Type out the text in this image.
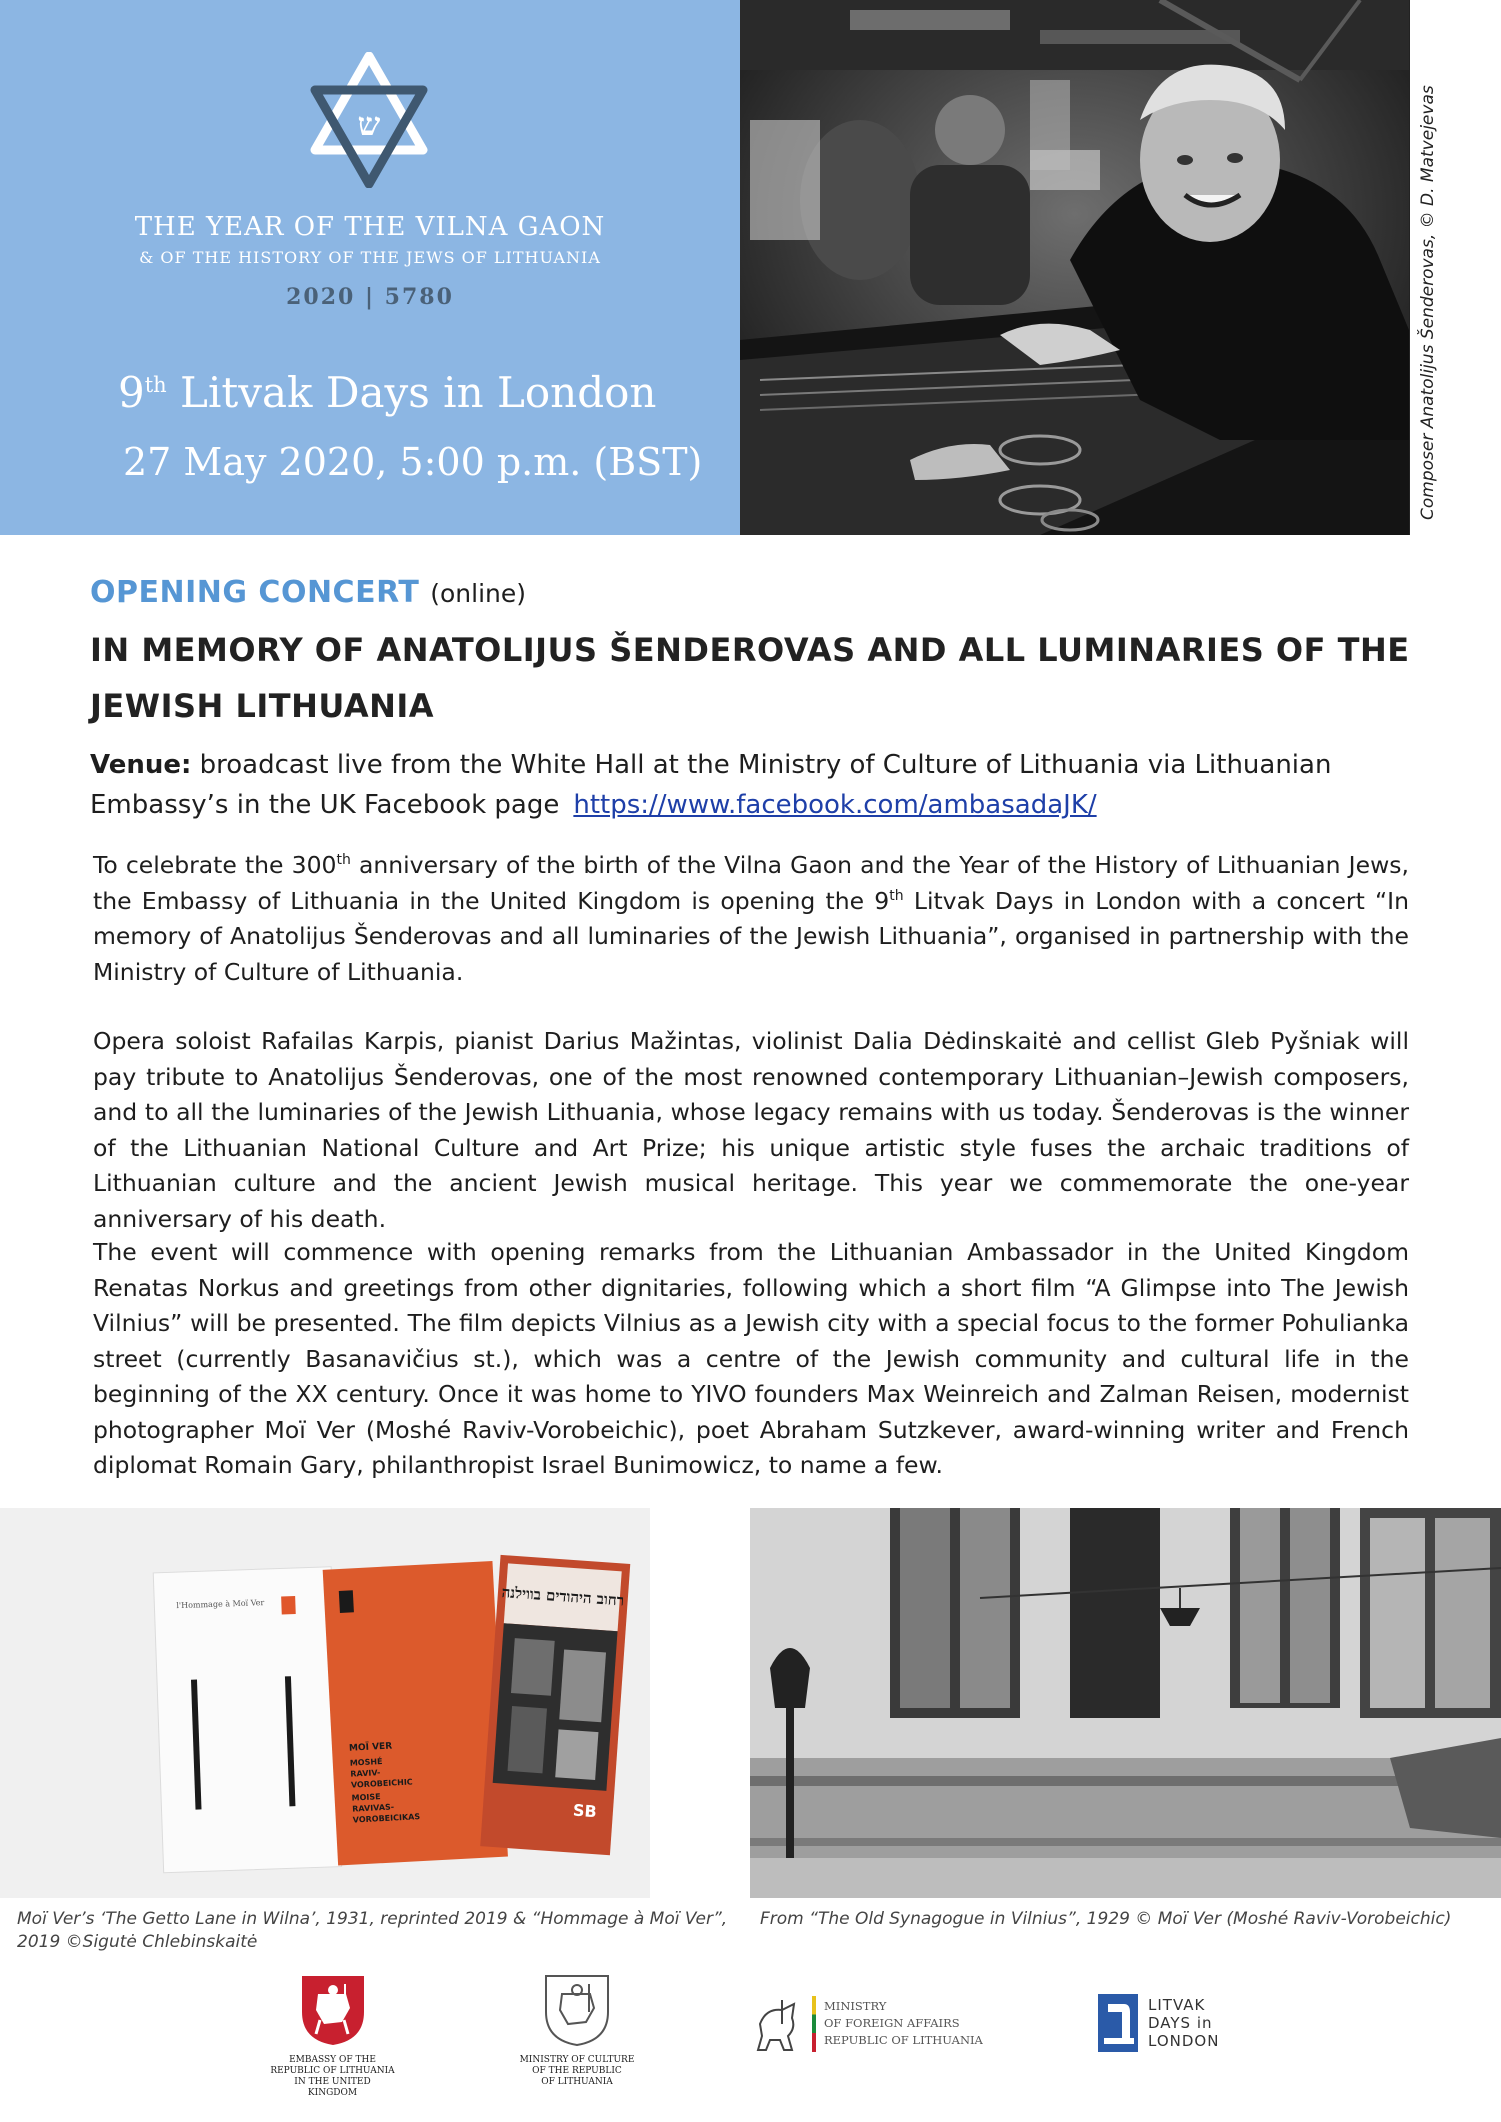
ש
THE YEAR OF THE VILNA GAON
& OF THE HISTORY OF THE JEWS OF LITHUANIA
2020 | 5780
9th Litvak Days in London
27 May 2020, 5:00 p.m. (BST)	Composer Anatolijus Šenderovas, © D. Matvejevas
OPENING CONCERT (online)
IN MEMORY OF ANATOLIJUS ŠENDEROVAS AND ALL LUMINARIES OF THE JEWISH LITHUANIA
Venue: broadcast live from the White Hall at the Ministry of Culture of Lithuania via Lithuanian Embassy’s in the UK Facebook page https://www.facebook.com/ambasadaJK/
To celebrate the 300th anniversary of the birth of the Vilna Gaon and the Year of the History of Lithuanian Jews, the Embassy of Lithuania in the United Kingdom is opening the 9th Litvak Days in London with a concert “In memory of Anatolijus Šenderovas and all luminaries of the Jewish Lithuania”, organised in partnership with the Ministry of Culture of Lithuania.
Opera soloist Rafailas Karpis, pianist Darius Mažintas, violinist Dalia Dėdinskaitė and cellist Gleb Pyšniak will pay tribute to Anatolijus Šenderovas, one of the most renowned contemporary Lithuanian–Jewish composers, and to all the luminaries of the Jewish Lithuania, whose legacy remains with us today. Šenderovas is the winner of the Lithuanian National Culture and Art Prize; his unique artistic style fuses the archaic traditions of Lithuanian culture and the ancient Jewish musical heritage. This year we commemorate the one-year anniversary of his death.
The event will commence with opening remarks from the Lithuanian Ambassador in the United Kingdom Renatas Norkus and greetings from other dignitaries, following which a short film “A Glimpse into The Jewish Vilnius” will be presented. The film depicts Vilnius as a Jewish city with a special focus to the former Pohulianka street (currently Basanavičius st.), which was a centre of the Jewish community and cultural life in the beginning of the XX century. Once it was home to YIVO founders Max Weinreich and Zalman Reisen, modernist photographer Moï Ver (Moshé Raviv-Vorobeichic), poet Abraham Sutzkever, award-winning writer and French diplomat Romain Gary, philanthropist Israel Bunimowicz, to name a few.
l'Hommage à Moï Ver
MOÏ VER
MOSHÉ
RAVIV-
VOROBEICHIC
MOISE
RAVIVAS-
VOROBEICIKAS
רחוב היהודים בווילנה
SB
Moï Ver’s ‘The Getto Lane in Wilna’, 1931, reprinted 2019 & “Hommage à Moï Ver”, 2019 ©Sigutė Chlebinskaitė
From “The Old Synagogue in Vilnius”, 1929 © Moï Ver (Moshé Raviv-Vorobeichic)
EMBASSY OF THE
REPUBLIC OF LITHUANIA
IN THE UNITED KINGDOM
MINISTRY OF CULTURE
OF THE REPUBLIC
OF LITHUANIA
MINISTRY
OF FOREIGN AFFAIRS
REPUBLIC OF LITHUANIA
LITVAK
DAYS in
LONDON
